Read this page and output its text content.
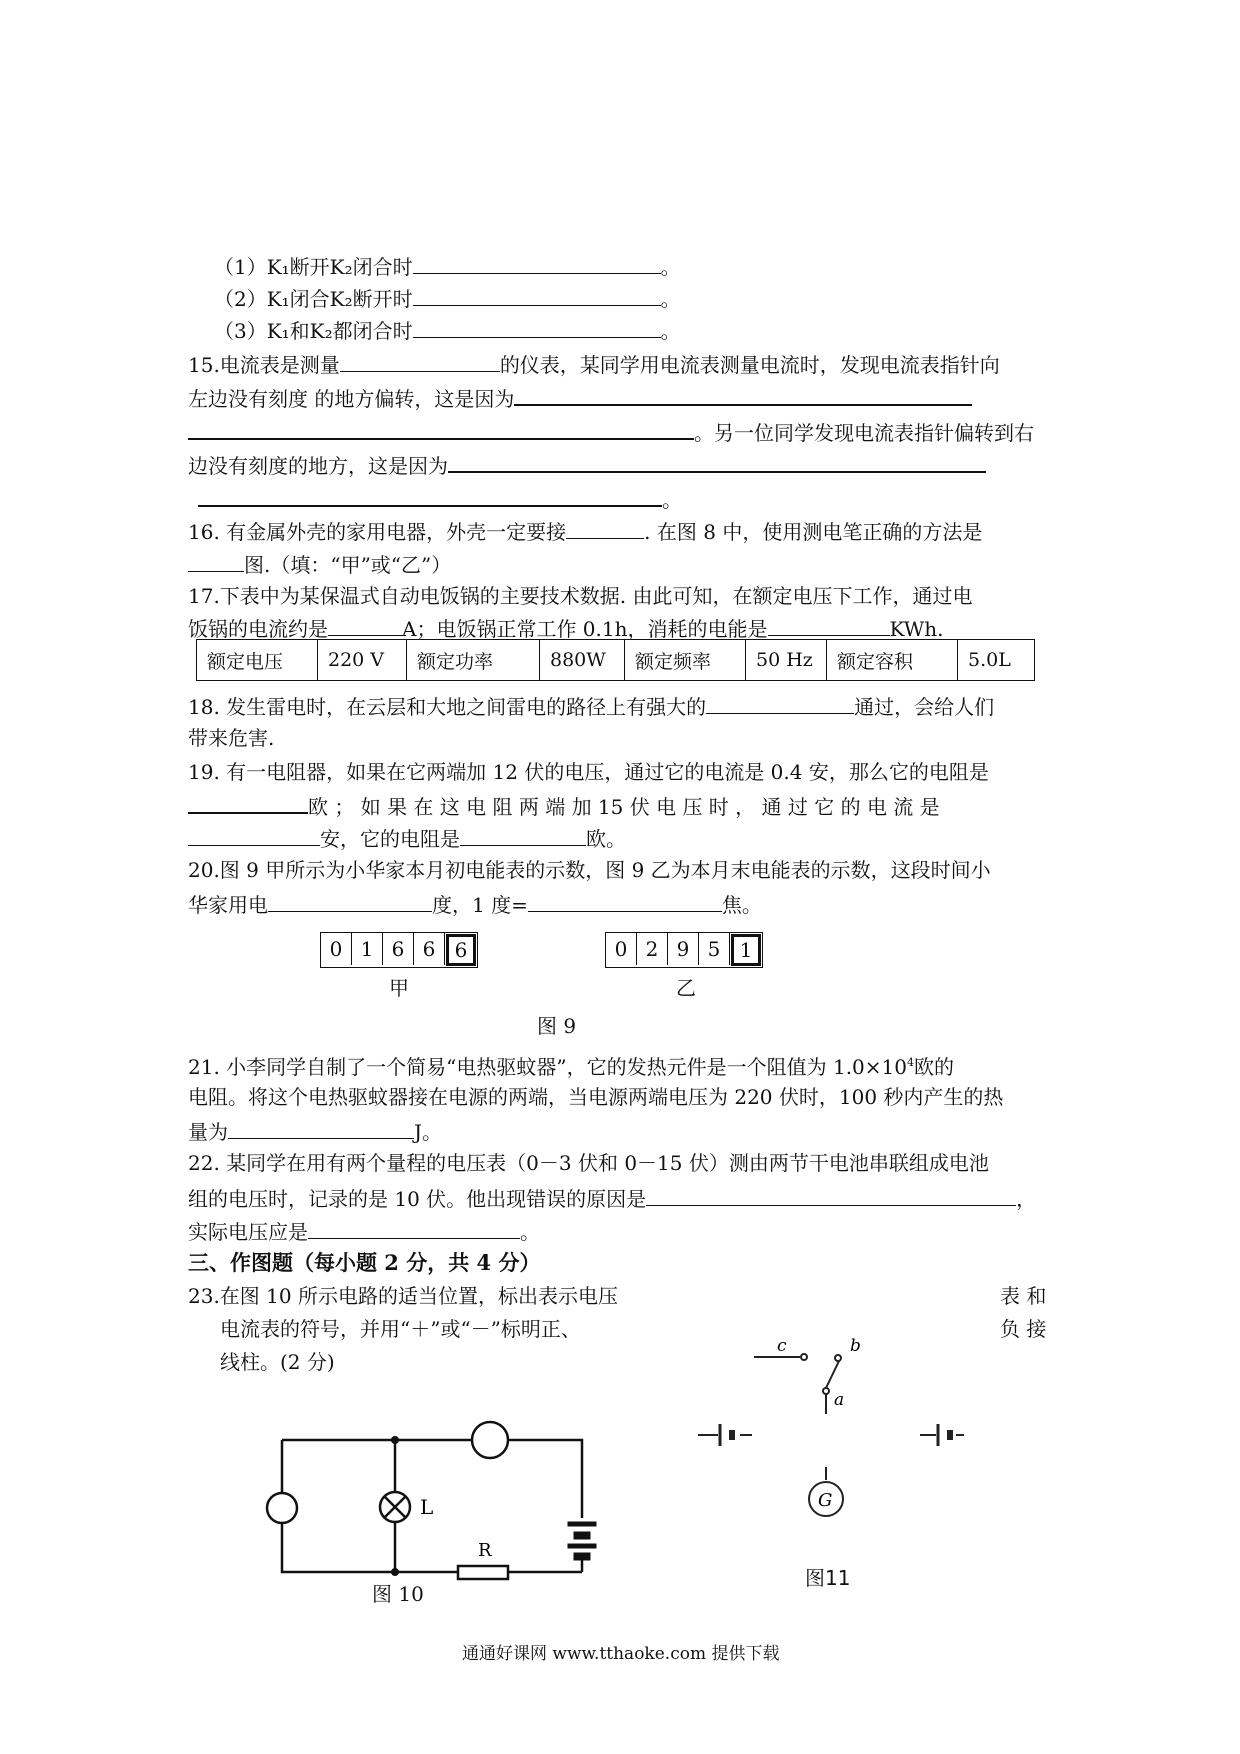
（1）K₁断开K₂闭合时	。
（2）K₁闭合K₂断开时	。
（3）K₁和K₂都闭合时	。
15.电流表是测量	的仪表，某同学用电流表测量电流时，发现电流表指针向
左边没有刻度 的地方偏转，这是因为
。另一位同学发现电流表指针偏转到右
边没有刻度的地方，这是因为
。
16. 有金属外壳的家用电器，外壳一定要接	. 在图 8 中，使用测电笔正确的方法是
图.（填：“甲”或“乙”）
17.下表中为某保温式自动电饭锅的主要技术数据. 由此可知，在额定电压下工作，通过电
饭锅的电流约是	A；电饭锅正常工作 0.1h，消耗的电能是	KWh.
额定电压	220 V	额定功率	880W	额定频率	50 Hz	额定容积	5.0L
18. 发生雷电时，在云层和大地之间雷电的路径上有强大的	通过，会给人们
带来危害.
19. 有一电阻器，如果在它两端加 12 伏的电压，通过它的电流是 0.4 安，那么它的电阻是
欧 ； 如 果 在 这 电 阻 两 端 加 15 伏 电 压 时 ， 通 过 它 的 电 流 是
安，它的电阻是	欧。
20.图 9 甲所示为小华家本月初电能表的示数，图 9 乙为本月末电能表的示数，这段时间小
华家用电	度，1 度=	焦。
0 1 6 6 6	0 2 9 5 1
甲	乙
图 9
21. 小李同学自制了一个简易“电热驱蚊器”，它的发热元件是一个阻值为 $1.0\times 10^4$欧的
电阻。将这个电热驱蚊器接在电源的两端，当电源两端电压为 220 伏时，100 秒内产生的热
量为	J。
22. 某同学在用有两个量程的电压表（0－3 伏和 0－15 伏）测由两节干电池串联组成电池
组的电压时，记录的是 10 伏。他出现错误的原因是	，
实际电压应是	。
三、作图题（每小题 2 分，共 4 分）
23.在图 10 所示电路的适当位置，标出表示电压	表 和
电流表的符号，并用“＋”或“－”标明正、	负 接
线柱。(2 分)
L
R
图 10
c	b
a
G
图11
通通好课网 www.tthaoke.com 提供下载
